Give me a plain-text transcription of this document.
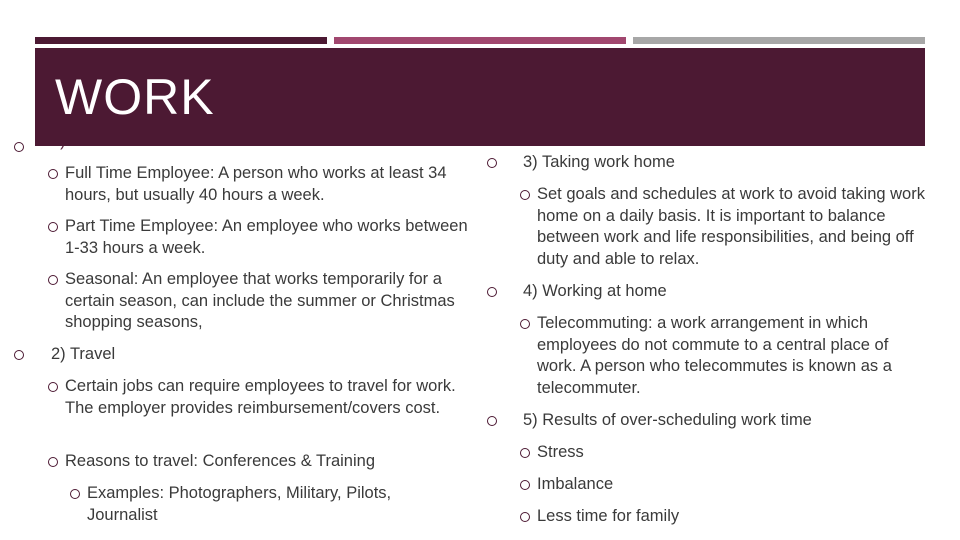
WORK
Full Time Employee: A person who works at least 34 hours, but usually 40 hours a week.
Part Time Employee: An employee who works between 1-33 hours a week.
Seasonal: An employee that works temporarily for a certain season, can include the summer or Christmas shopping seasons,
2) Travel
Certain jobs can require employees to travel for work. The employer provides reimbursement/covers cost.
Reasons to travel: Conferences & Training
Examples: Photographers, Military, Pilots, Journalist
3) Taking work home
Set goals and schedules at work to avoid taking work home on a daily basis. It is important to balance between work and life responsibilities, and being off duty and able to relax.
4) Working at home
Telecommuting: a work arrangement in which employees do not commute to a central place of work. A person who telecommutes is known as a telecommuter.
5) Results of over-scheduling work time
Stress
Imbalance
Less time for family
